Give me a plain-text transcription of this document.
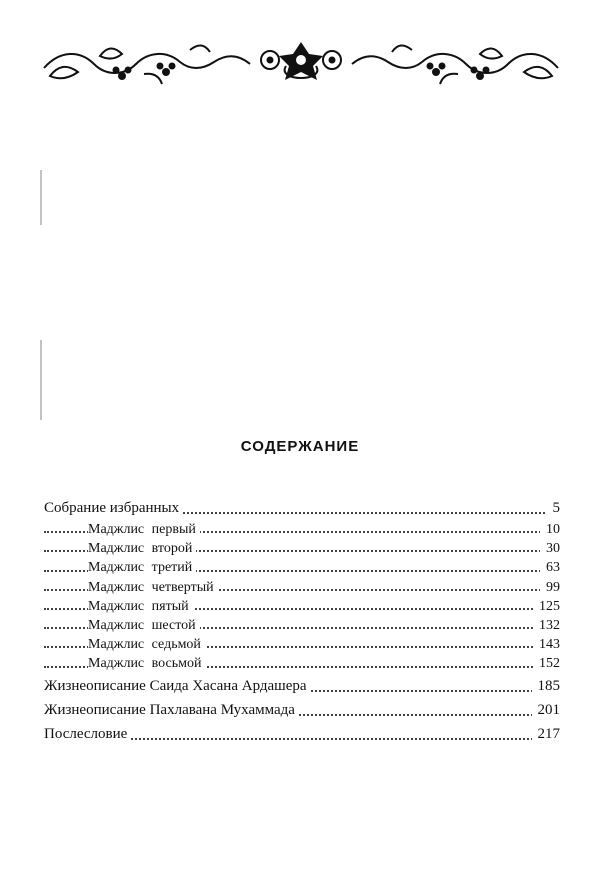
СОДЕРЖАНИЕ
Собрание избранных	5
Маджлис первый	10
Маджлис второй	30
Маджлис третий	63
Маджлис четвертый	99
Маджлис пятый	125
Маджлис шестой	132
Маджлис седьмой	143
Маджлис восьмой	152
Жизнеописание Саида Хасана Ардашера	185
Жизнеописание Пахлавана Мухаммада	201
Послесловие	217
